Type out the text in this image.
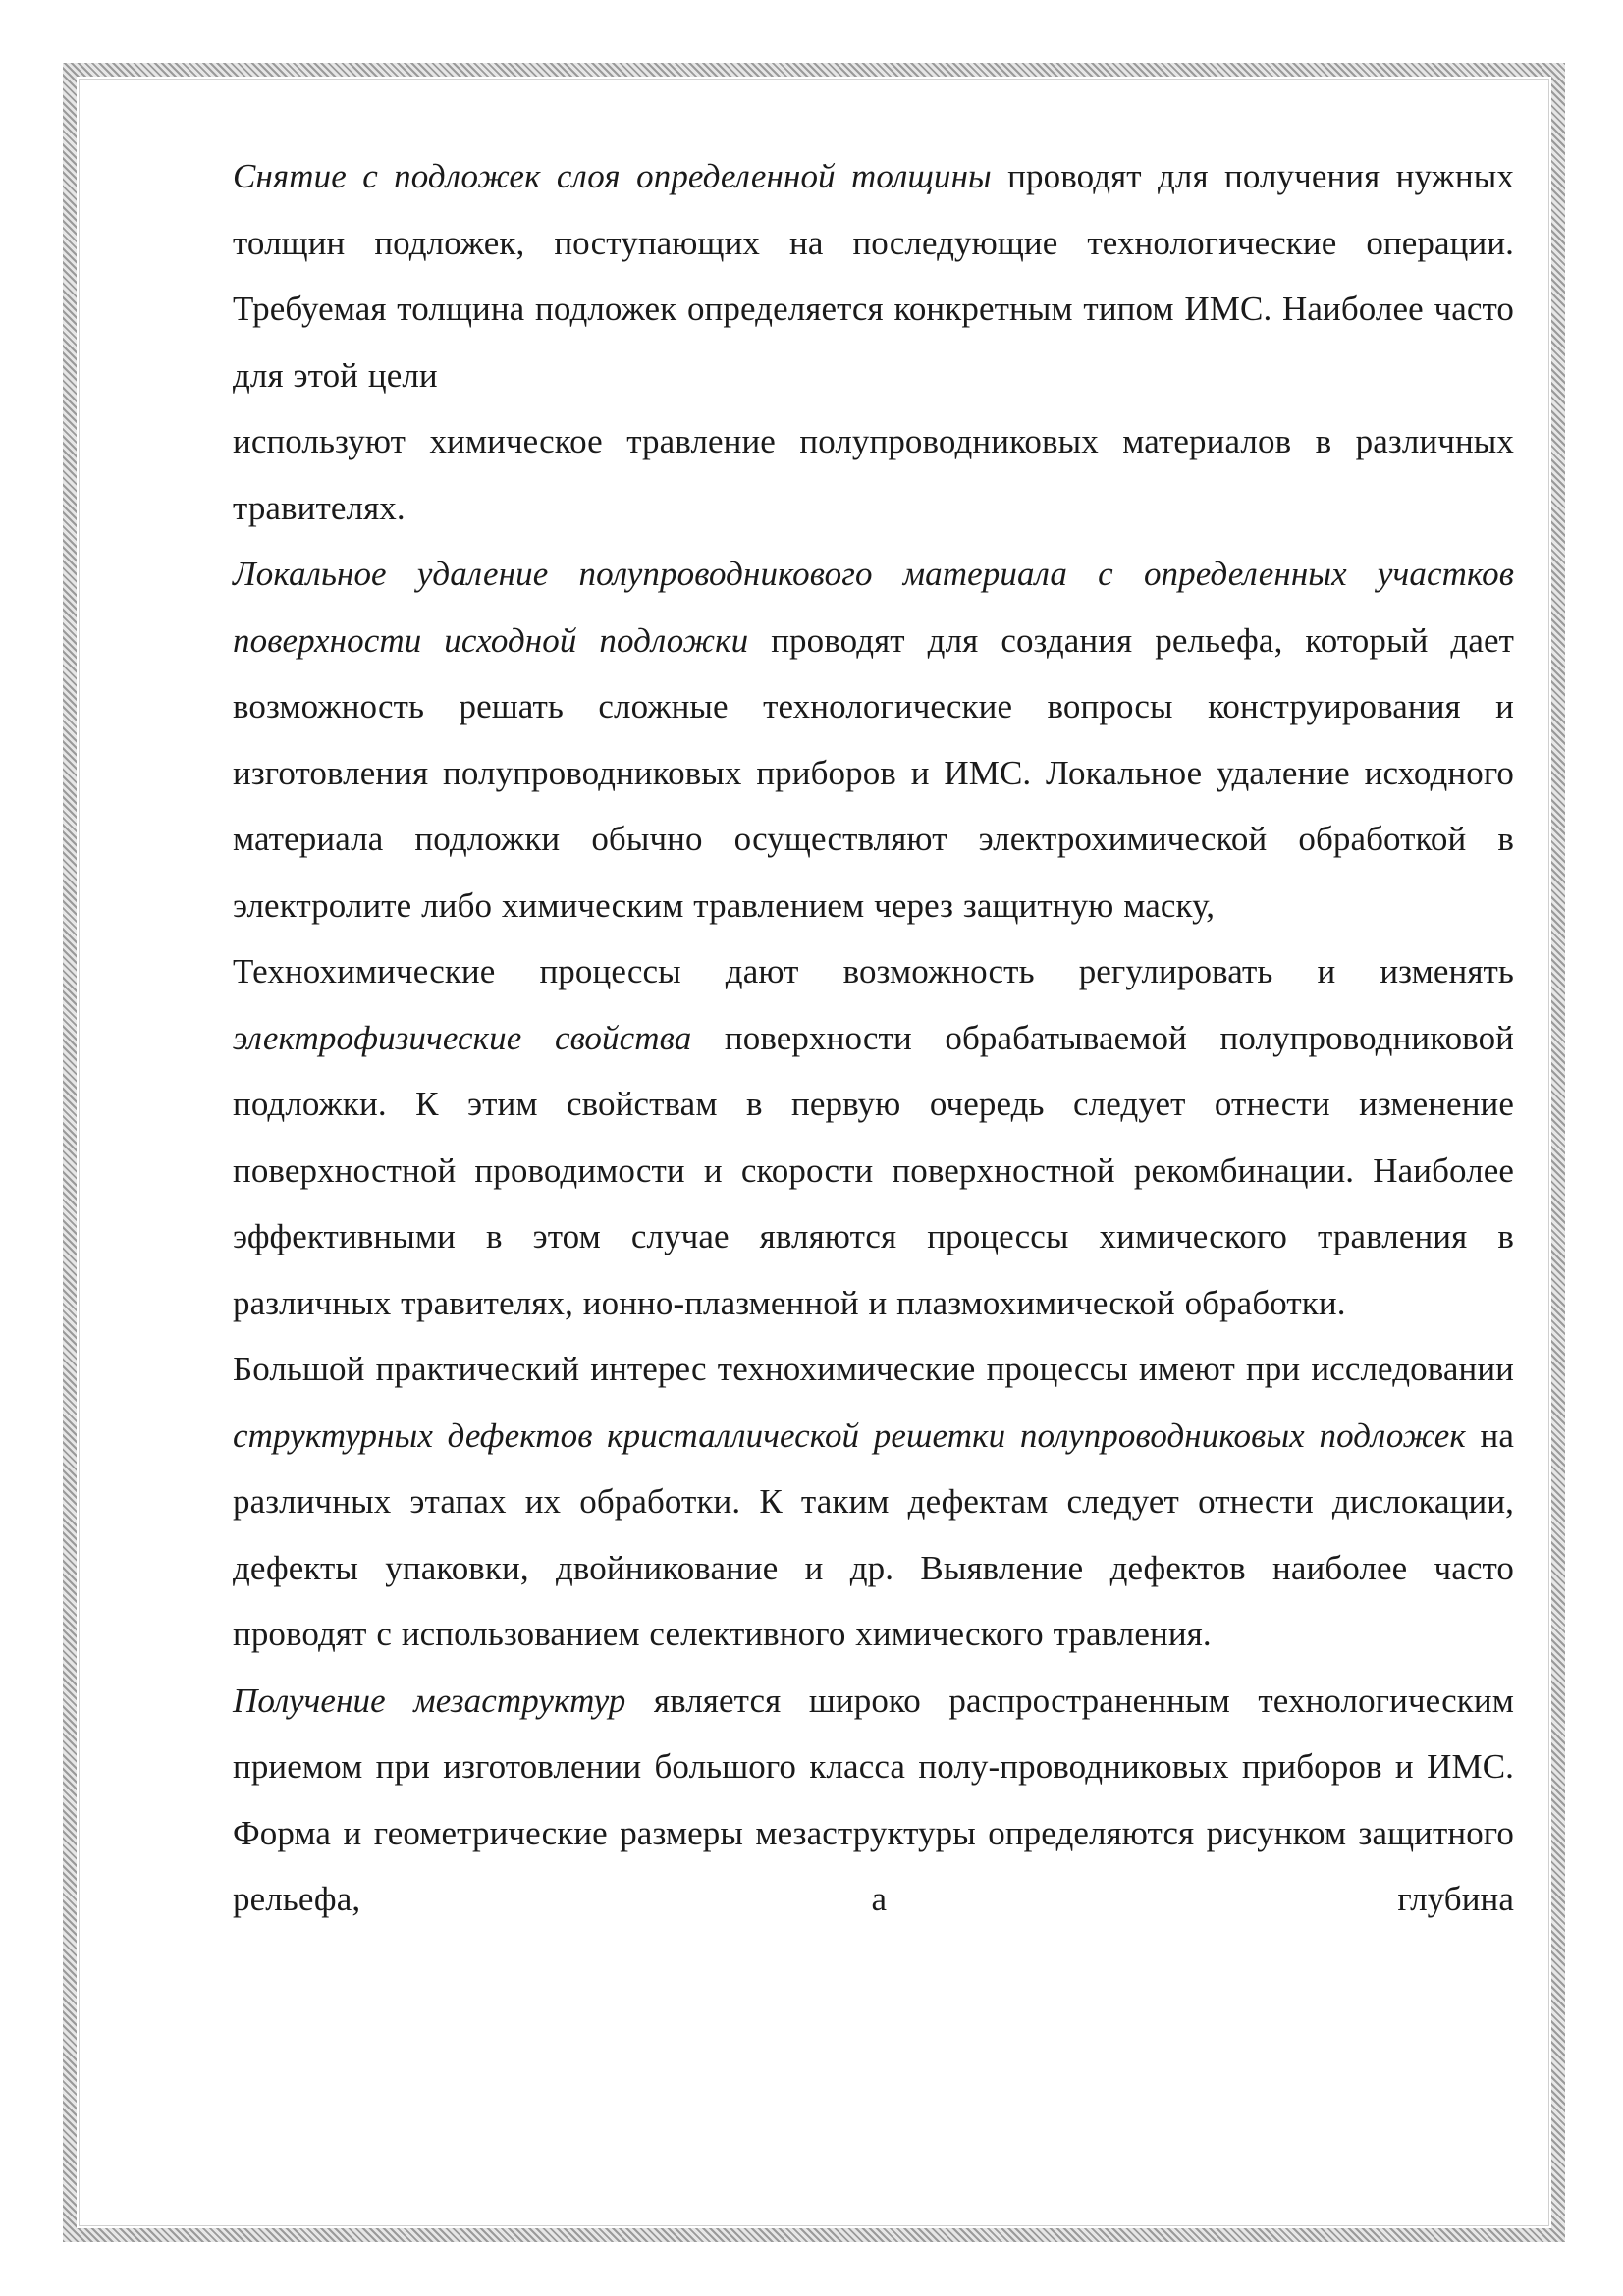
Снятие с подложек слоя определенной толщины проводят для получения нужных толщин подложек, поступающих на последующие технологические операции. Требуемая толщина подложек определяется конкретным типом ИМС. Наиболее часто для этой цели

используют химическое травление полупроводниковых материалов в различных травителях.

Локальное удаление полупроводникового материала с определенных участков поверхности исходной подложки проводят для создания рельефа, который дает возможность решать сложные технологические вопросы конструирования и изготовления полупроводниковых приборов и ИМС. Локальное удаление исходного материала подложки обычно осуществляют электрохимической обработкой в электролите либо химическим травлением через защитную маску,

Технохимические процессы дают возможность регулировать и изменять электрофизические свойства поверхности обрабатываемой полупроводниковой подложки. К этим свойствам в первую очередь следует отнести изменение поверхностной проводимости и скорости поверхностной рекомбинации. Наиболее эффективными в этом случае являются процессы химического травления в различных травителях, ионно-плазменной и плазмохимической обработки.

Большой практический интерес технохимические процессы имеют при исследовании структурных дефектов кристаллической решетки полупроводниковых подложек на различных этапах их обработки. К таким дефектам следует отнести дислокации, дефекты упаковки, двойникование и др. Выявление дефектов наиболее часто проводят с использованием селективного химического травления.

Получение мезаструктур является широко распространенным технологическим приемом при изготовлении большого класса полу-проводниковых приборов и ИМС. Форма и геометрические размеры мезаструктуры определяются рисунком защитного рельефа, а глубина
